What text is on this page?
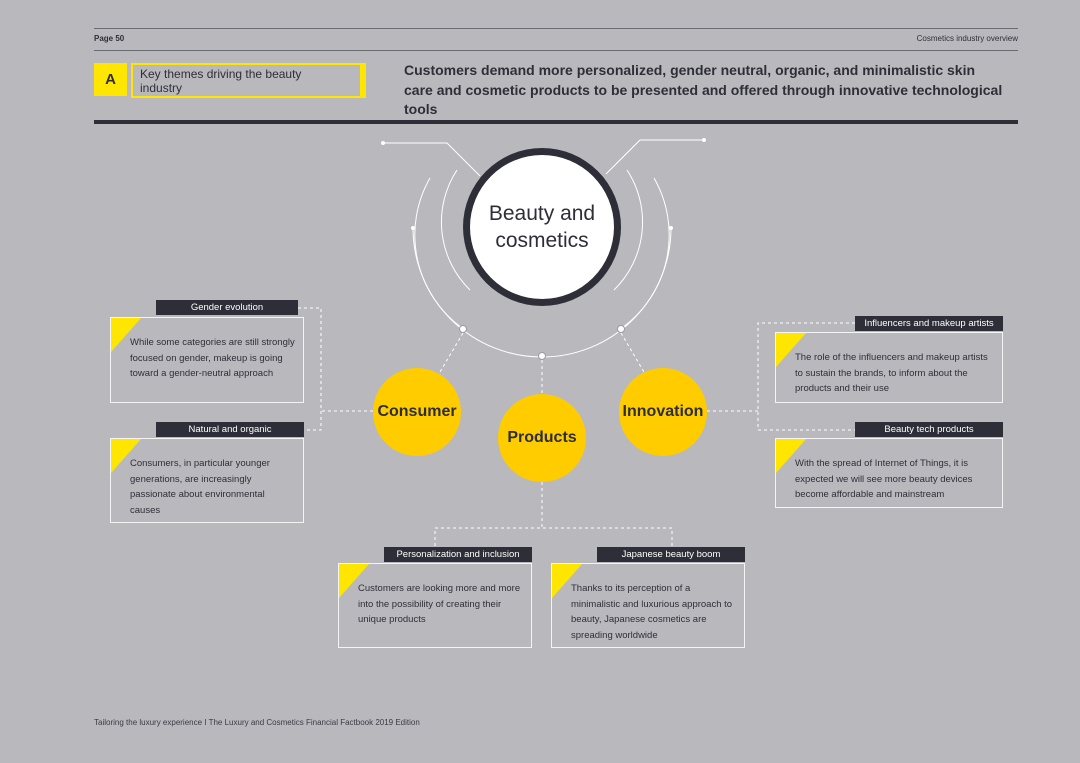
Page 50	Cosmetics industry overview
A	Key themes driving the beauty industry
Customers demand more personalized, gender neutral, organic, and minimalistic skin care and cosmetic products to be presented and offered through innovative technological tools
Beauty and
cosmetics
Consumer
Products
Innovation
While some categories are still strongly focused on gender, makeup is going toward a gender-neutral approach
Gender evolution
Consumers, in particular younger generations, are increasingly passionate about environmental causes
Natural and organic
The role of the influencers and makeup artists to sustain the brands, to inform about the products and their use
Influencers and makeup artists
With the spread of Internet of Things, it is expected we will see more beauty devices become affordable and mainstream
Beauty tech products
Customers are looking more and more into the possibility of creating their unique products
Personalization and inclusion
Thanks to its perception of a minimalistic and luxurious approach to beauty, Japanese cosmetics are spreading worldwide
Japanese beauty boom
Tailoring the luxury experience I The Luxury and Cosmetics Financial Factbook 2019 Edition
